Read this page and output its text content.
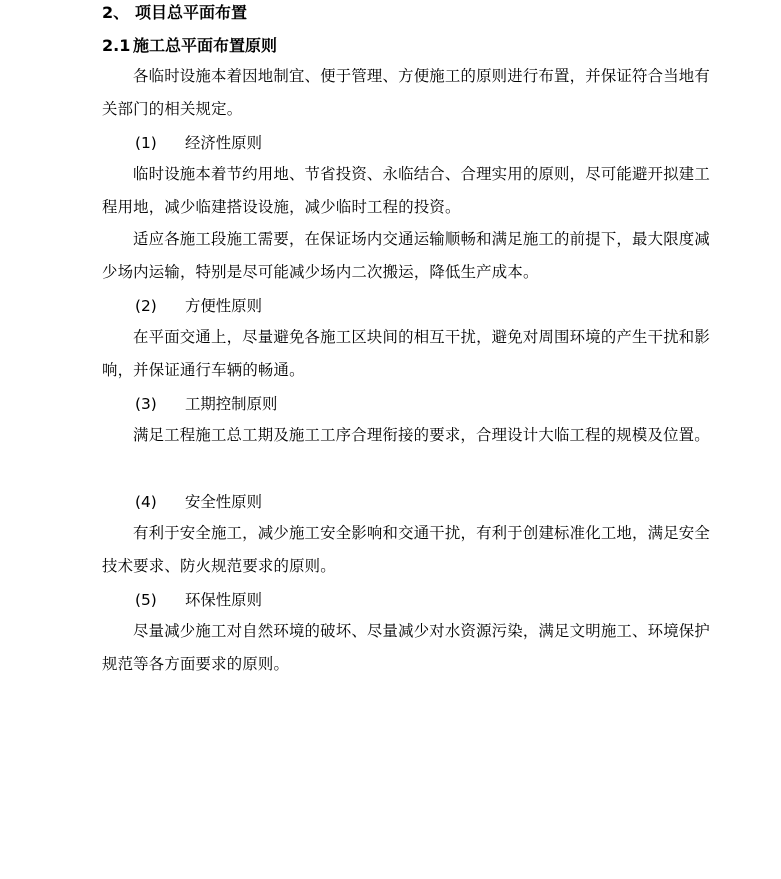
2、 项目总平面布置
2.1 施工总平面布置原则
各临时设施本着因地制宜、便于管理、方便施工的原则进行布置，并保证符合当地有关部门的相关规定。
(1) 经济性原则
临时设施本着节约用地、节省投资、永临结合、合理实用的原则，尽可能避开拟建工程用地，减少临建搭设设施，减少临时工程的投资。
适应各施工段施工需要，在保证场内交通运输顺畅和满足施工的前提下，最大限度减少场内运输，特别是尽可能减少场内二次搬运，降低生产成本。
(2) 方便性原则
在平面交通上，尽量避免各施工区块间的相互干扰，避免对周围环境的产生干扰和影响，并保证通行车辆的畅通。
(3) 工期控制原则
满足工程施工总工期及施工工序合理衔接的要求，合理设计大临工程的规模及位置。
(4) 安全性原则
有利于安全施工，减少施工安全影响和交通干扰，有利于创建标准化工地，满足安全技术要求、防火规范要求的原则。
(5) 环保性原则
尽量减少施工对自然环境的破坏、尽量减少对水资源污染，满足文明施工、环境保护规范等各方面要求的原则。
